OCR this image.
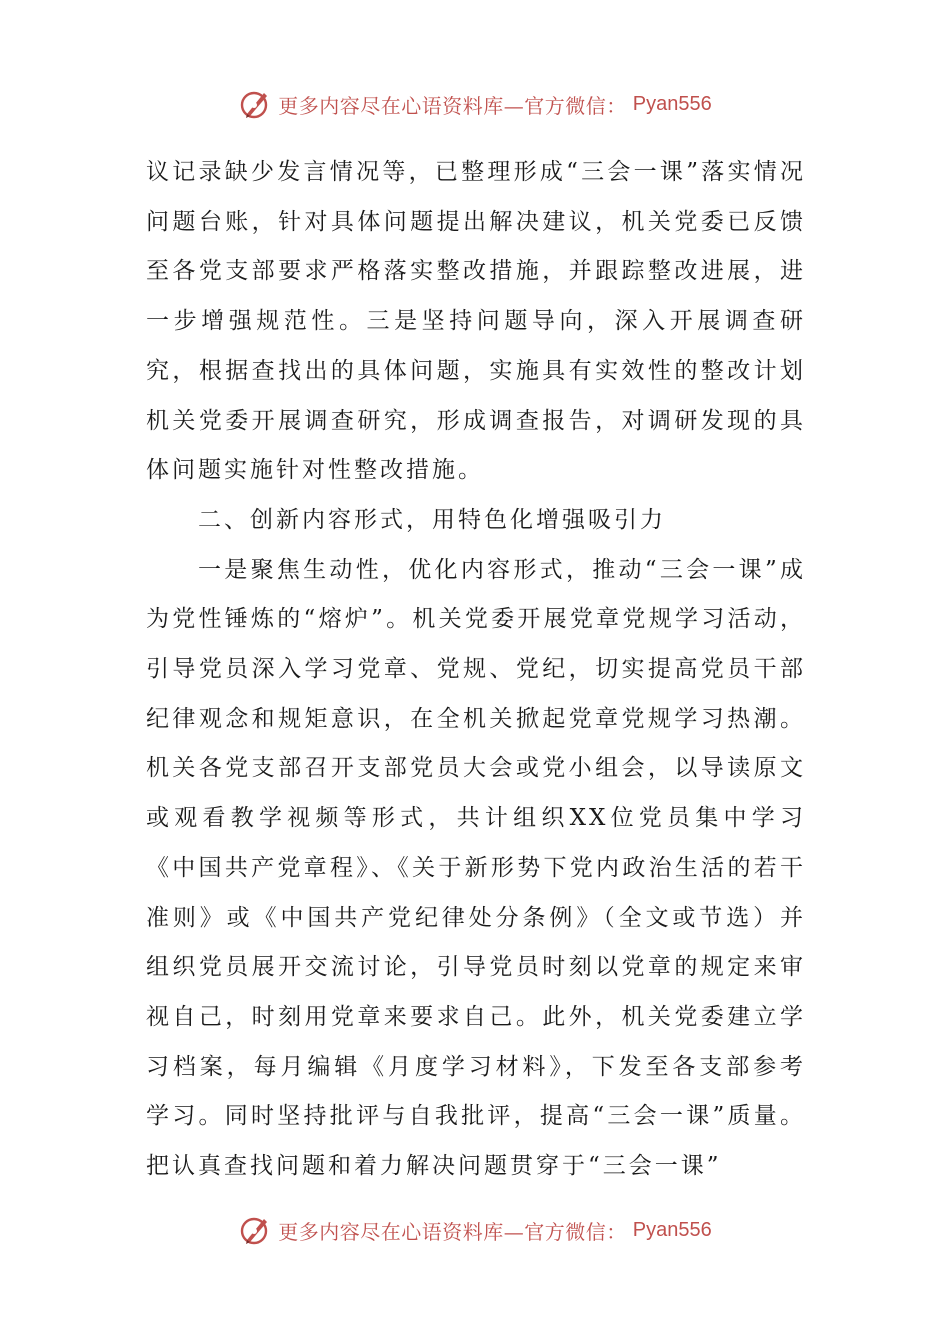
更多内容尽在心语资料库—官方微信： Pyan556

议记录缺少发言情况等，已整理形成“三会一课”落实情况问题台账，针对具体问题提出解决建议，机关党委已反馈至各党支部要求严格落实整改措施，并跟踪整改进展，进一步增强规范性。三是坚持问题导向，深入开展调查研究，根据查找出的具体问题，实施具有实效性的整改计划机关党委开展调查研究，形成调查报告，对调研发现的具体问题实施针对性整改措施。

二、创新内容形式，用特色化增强吸引力

一是聚焦生动性，优化内容形式，推动“三会一课”成为党性锤炼的“熔炉”。机关党委开展党章党规学习活动，引导党员深入学习党章、党规、党纪，切实提高党员干部纪律观念和规矩意识，在全机关掀起党章党规学习热潮。机关各党支部召开支部党员大会或党小组会，以导读原文或观看教学视频等形式，共计组织XX位党员集中学习《中国共产党章程》、《关于新形势下党内政治生活的若干准则》或《中国共产党纪律处分条例》（全文或节选）并组织党员展开交流讨论，引导党员时刻以党章的规定来审视自己，时刻用党章来要求自己。此外，机关党委建立学习档案，每月编辑《月度学习材料》，下发至各支部参考学习。同时坚持批评与自我批评，提高“三会一课”质量。把认真查找问题和着力解决问题贯穿于“三会一课”

更多内容尽在心语资料库—官方微信： Pyan556
